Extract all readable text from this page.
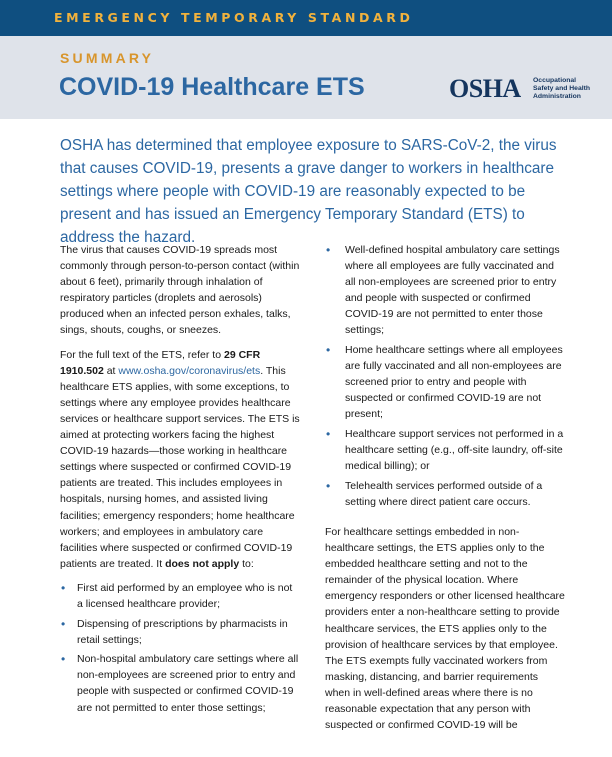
EMERGENCY TEMPORARY STANDARD
SUMMARY
COVID-19 Healthcare ETS	OSHA Occupational
Safety and Health
Administration
OSHA has determined that employee exposure to SARS-CoV-2, the virus that causes COVID-19, presents a grave danger to workers in healthcare settings where people with COVID-19 are reasonably expected to be present and has issued an Emergency Temporary Standard (ETS) to address the hazard.

The virus that causes COVID-19 spreads most commonly through person-to-person contact (within about 6 feet), primarily through inhalation of respiratory particles (droplets and aerosols) produced when an infected person exhales, talks, sings, shouts, coughs, or sneezes.

For the full text of the ETS, refer to 29 CFR 1910.502 at www.osha.gov/coronavirus/ets. This healthcare ETS applies, with some exceptions, to settings where any employee provides healthcare services or healthcare support services. The ETS is aimed at protecting workers facing the highest COVID-19 hazards—those working in healthcare settings where suspected or confirmed COVID-19 patients are treated. This includes employees in hospitals, nursing homes, and assisted living facilities; emergency responders; home healthcare workers; and employees in ambulatory care facilities where suspected or confirmed COVID-19 patients are treated. It does not apply to:

• First aid performed by an employee who is not a licensed healthcare provider;
• Dispensing of prescriptions by pharmacists in retail settings;
• Non-hospital ambulatory care settings where all non-employees are screened prior to entry and people with suspected or confirmed COVID-19 are not permitted to enter those settings;
• Well-defined hospital ambulatory care settings where all employees are fully vaccinated and all non-employees are screened prior to entry and people with suspected or confirmed COVID-19 are not permitted to enter those settings;
• Home healthcare settings where all employees are fully vaccinated and all non-employees are screened prior to entry and people with suspected or confirmed COVID-19 are not present;
• Healthcare support services not performed in a healthcare setting (e.g., off-site laundry, off-site medical billing); or
• Telehealth services performed outside of a setting where direct patient care occurs.

For healthcare settings embedded in non-healthcare settings, the ETS applies only to the embedded healthcare setting and not to the remainder of the physical location. Where emergency responders or other licensed healthcare providers enter a non-healthcare setting to provide healthcare services, the ETS applies only to the provision of healthcare services by that employee. The ETS exempts fully vaccinated workers from masking, distancing, and barrier requirements when in well-defined areas where there is no reasonable expectation that any person with suspected or confirmed COVID-19 will be
